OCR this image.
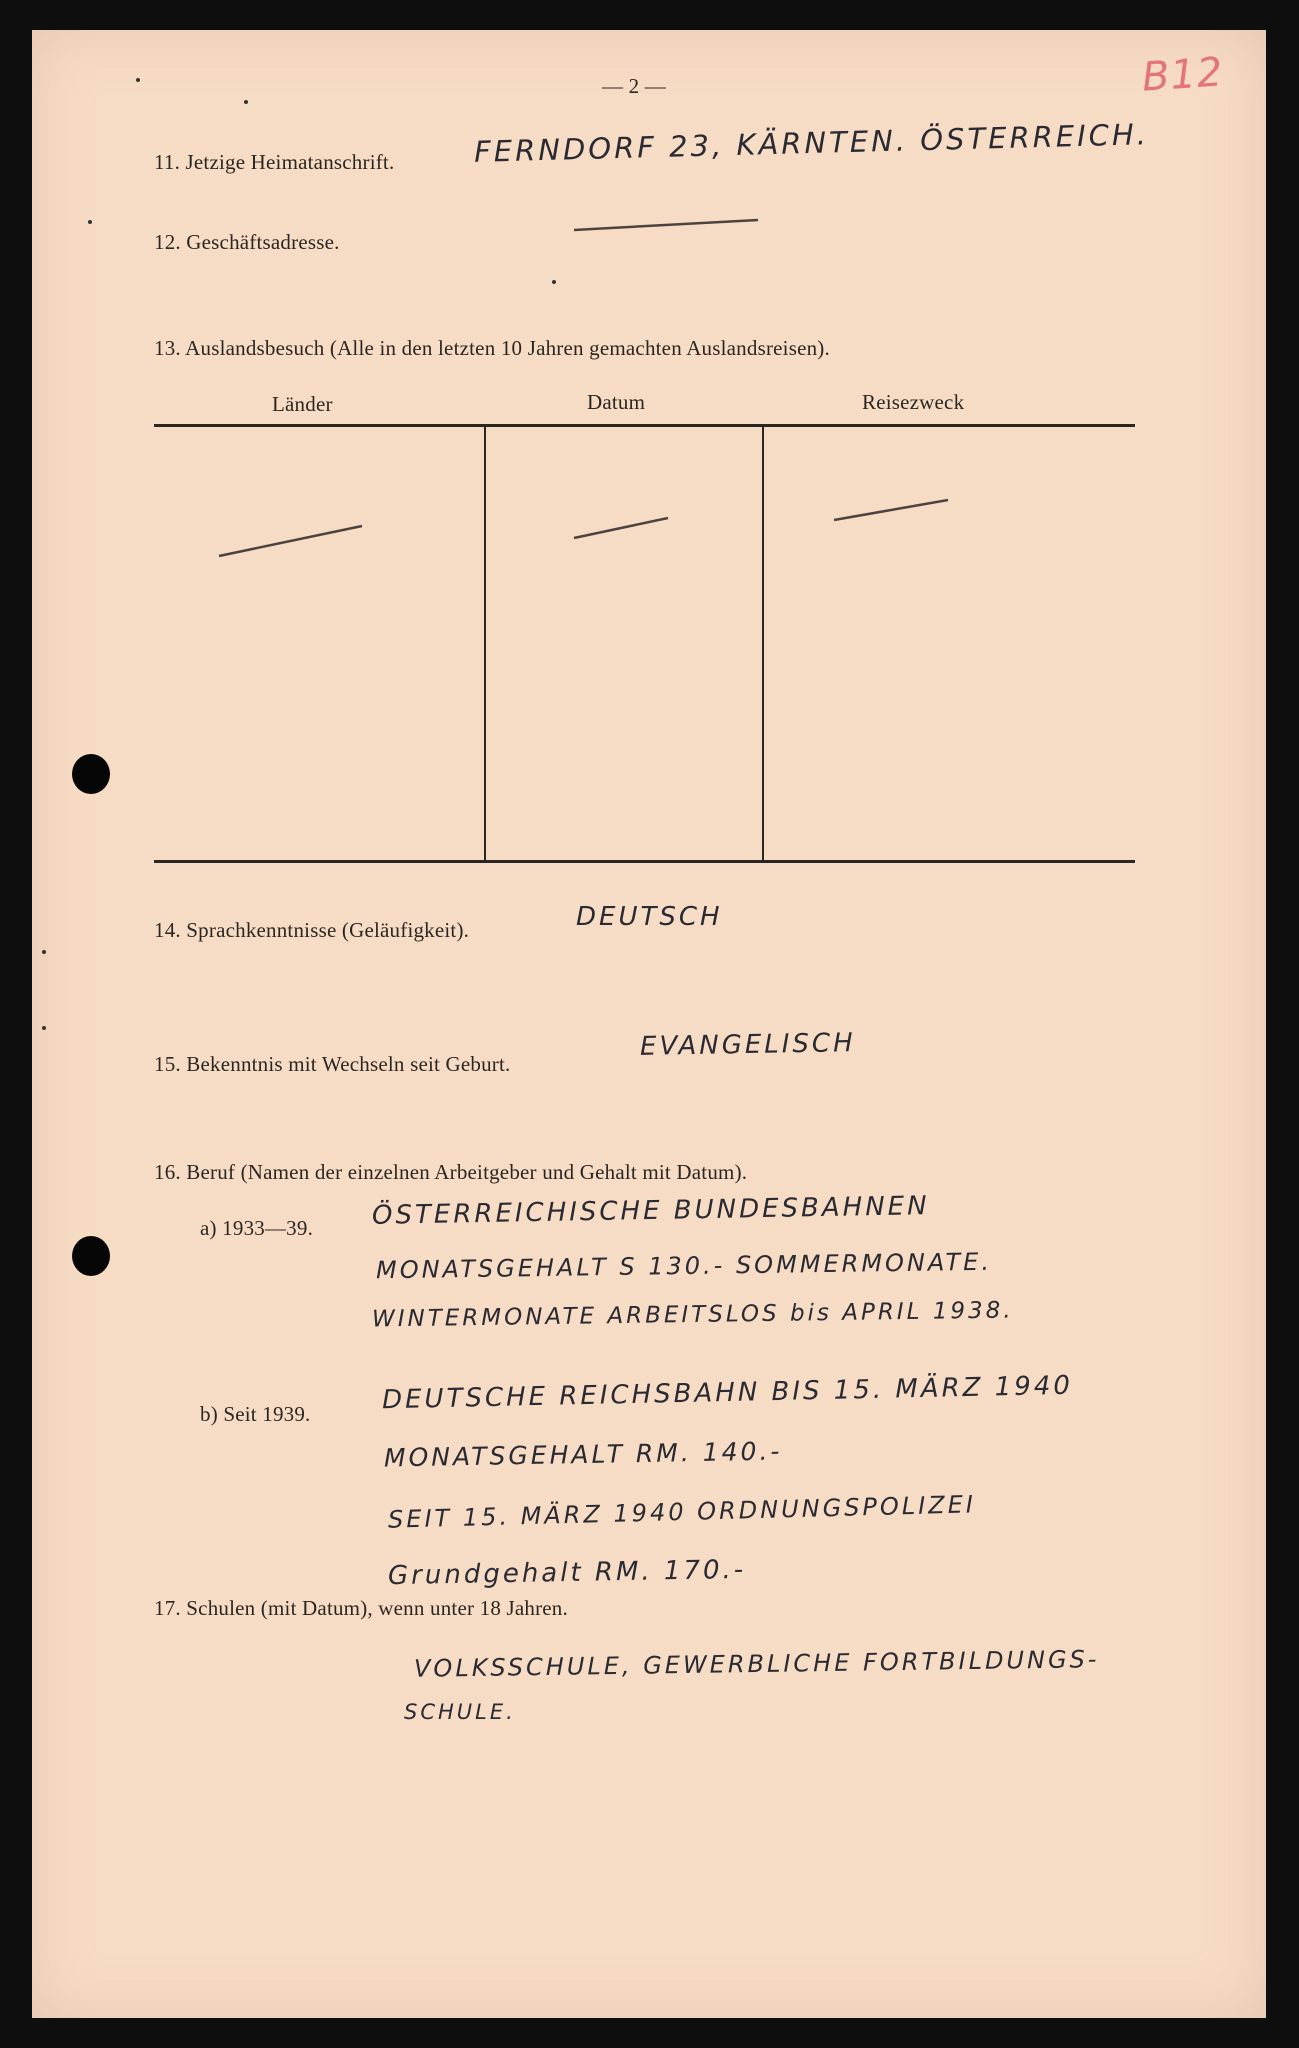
— 2 —	B12
11. Jetzige Heimatanschrift.	FERNDORF 23, KÄRNTEN. ÖSTERREICH.
12. Geschäftsadresse.
13. Auslandsbesuch (Alle in den letzten 10 Jahren gemachten Auslandsreisen).
Länder	Datum	Reisezweck
14. Sprachkenntnisse (Geläufigkeit).	DEUTSCH
15. Bekenntnis mit Wechseln seit Geburt.
EVANGELISCH
16. Beruf (Namen der einzelnen Arbeitgeber und Gehalt mit Datum).
a) 1933—39. ÖSTERREICHISCHE BUNDESBAHNEN
MONATSGEHALT S 130.- SOMMERMONATE.
WINTERMONATE ARBEITSLOS bis APRIL 1938.
b) Seit 1939.	DEUTSCHE REICHSBAHN BIS 15. MÄRZ 1940
MONATSGEHALT RM. 140.-
SEIT 15. MÄRZ 1940 ORDNUNGSPOLIZEI
Grundgehalt RM. 170.-
17. Schulen (mit Datum), wenn unter 18 Jahren.
VOLKSSCHULE, GEWERBLICHE FORTBILDUNGS-
SCHULE.
